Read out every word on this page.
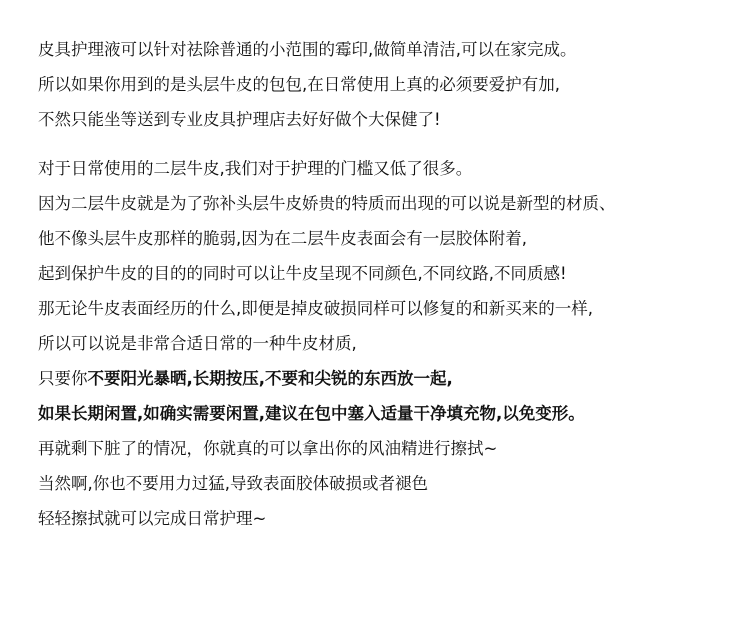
皮具护理液可以针对祛除普通的小范围的霉印,做简单清洁,可以在家完成。
所以如果你用到的是头层牛皮的包包,在日常使用上真的必须要爱护有加,
不然只能坐等送到专业皮具护理店去好好做个大保健了!
对于日常使用的二层牛皮,我们对于护理的门槛又低了很多。
因为二层牛皮就是为了弥补头层牛皮娇贵的特质而出现的可以说是新型的材质、
他不像头层牛皮那样的脆弱,因为在二层牛皮表面会有一层胶体附着,
起到保护牛皮的目的的同时可以让牛皮呈现不同颜色,不同纹路,不同质感!
那无论牛皮表面经历的什么,即便是掉皮破损同样可以修复的和新买来的一样,
所以可以说是非常合适日常的一种牛皮材质,
只要你不要阳光暴晒,长期按压,不要和尖锐的东西放一起,
如果长期闲置,如确实需要闲置,建议在包中塞入适量干净填充物,以免变形。
再就剩下脏了的情况，你就真的可以拿出你的风油精进行擦拭~
当然啊,你也不要用力过猛,导致表面胶体破损或者褪色
轻轻擦拭就可以完成日常护理~
